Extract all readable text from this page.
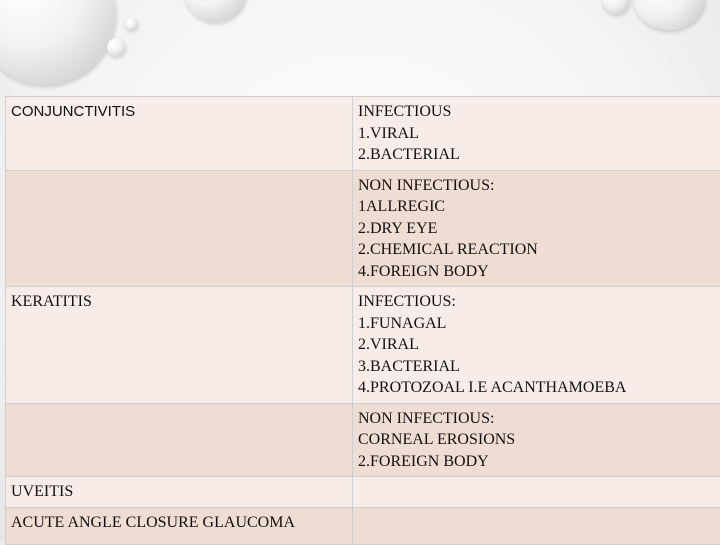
CONJUNCTIVITIS	INFECTIOUS
1.VIRAL
2.BACTERIAL

	NON INFECTIOUS:
1ALLREGIC
2.DRY EYE
2.CHEMICAL REACTION
4.FOREIGN BODY

KERATITIS	INFECTIOUS:
1.FUNAGAL
2.VIRAL
3.BACTERIAL
4.PROTOZOAL I.E ACANTHAMOEBA

	NON INFECTIOUS:
CORNEAL EROSIONS
2.FOREIGN BODY

UVEITIS	
ACUTE ANGLE CLOSURE GLAUCOMA	
